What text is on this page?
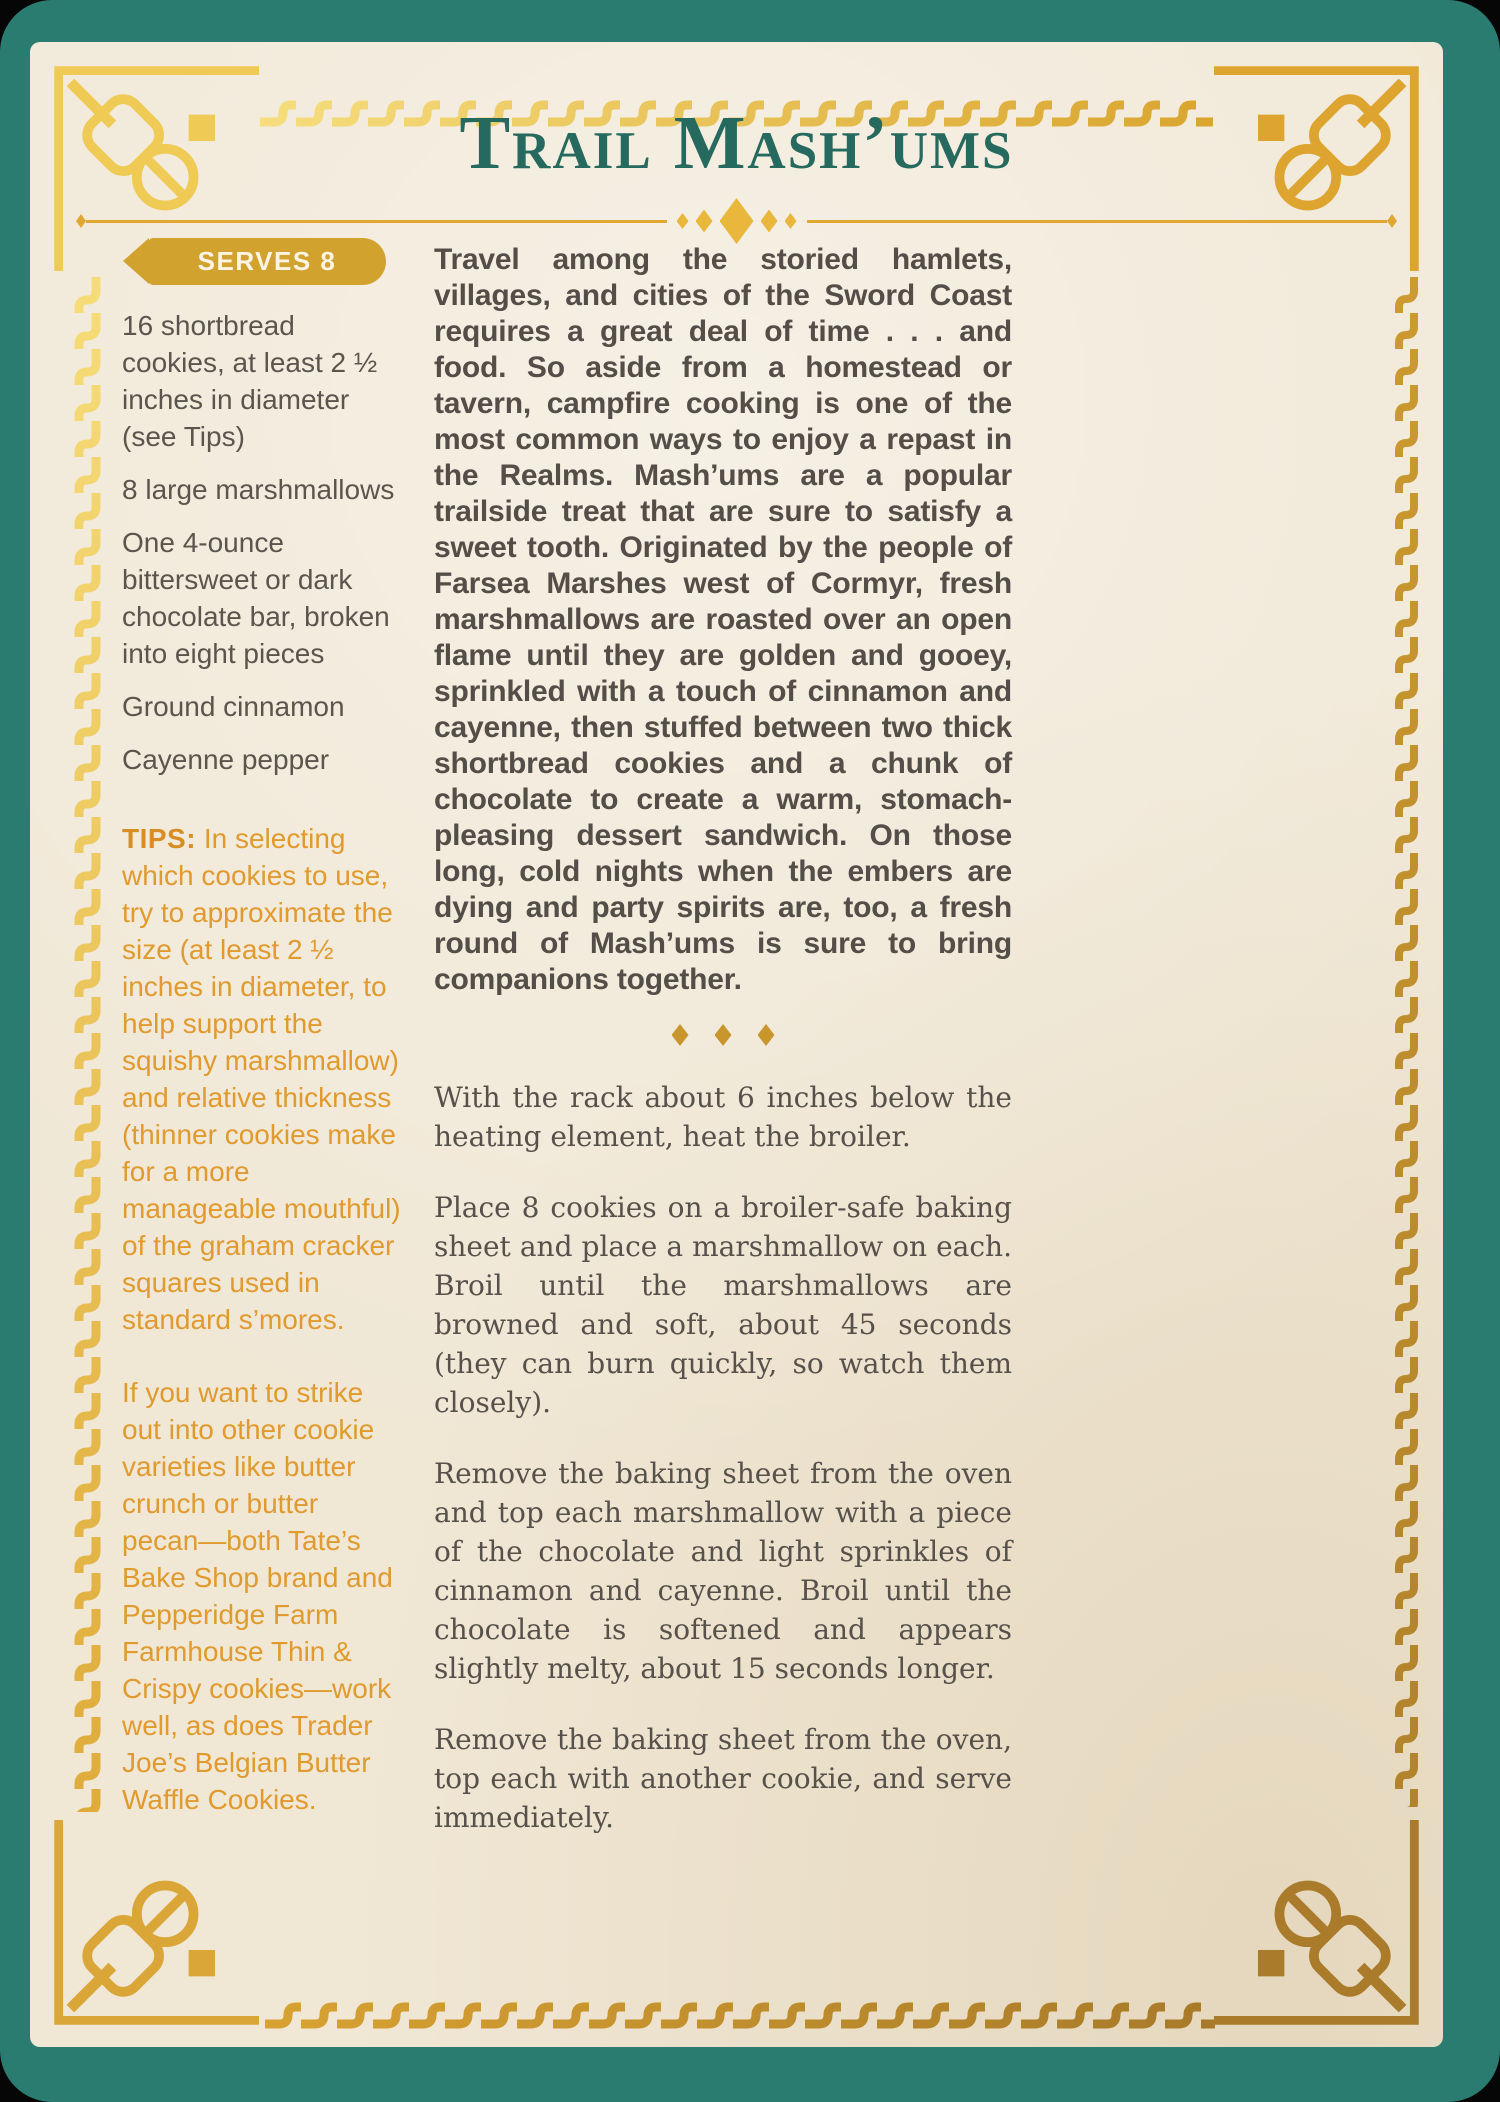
Trail Mash’ums
SERVES 8

16 shortbread cookies, at least 2 ½ inches in diameter (see Tips)

8 large marshmallows

One 4-ounce bittersweet or dark chocolate bar, broken into eight pieces

Ground cinnamon

Cayenne pepper

TIPS: In selecting which cookies to use, try to approximate the size (at least 2 ½ inches in diameter, to help support the squishy marshmallow) and relative thickness (thinner cookies make for a more manageable mouthful) of the graham cracker squares used in standard s’mores.

If you want to strike out into other cookie varieties like butter crunch or butter pecan—both Tate’s Bake Shop brand and Pepperidge Farm Farmhouse Thin & Crispy cookies—work well, as does Trader Joe’s Belgian Butter Waffle Cookies.

Travel among the storied hamlets, villages, and cities of the Sword Coast requires a great deal of time . . . and food. So aside from a homestead or tavern, campfire cooking is one of the most common ways to enjoy a repast in the Realms. Mash’ums are a popular trailside treat that are sure to satisfy a sweet tooth. Originated by the people of Farsea Marshes west of Cormyr, fresh marshmallows are roasted over an open flame until they are golden and gooey, sprinkled with a touch of cinnamon and cayenne, then stuffed between two thick shortbread cookies and a chunk of chocolate to create a warm, stomach-pleasing dessert sandwich. On those long, cold nights when the embers are dying and party spirits are, too, a fresh round of Mash’ums is sure to bring companions together.

With the rack about 6 inches below the heating element, heat the broiler.

Place 8 cookies on a broiler-safe baking sheet and place a marshmallow on each. Broil until the marshmallows are browned and soft, about 45 seconds (they can burn quickly, so watch them closely).

Remove the baking sheet from the oven and top each marshmallow with a piece of the chocolate and light sprinkles of cinnamon and cayenne. Broil until the chocolate is softened and appears slightly melty, about 15 seconds longer.

Remove the baking sheet from the oven, top each with another cookie, and serve immediately.
